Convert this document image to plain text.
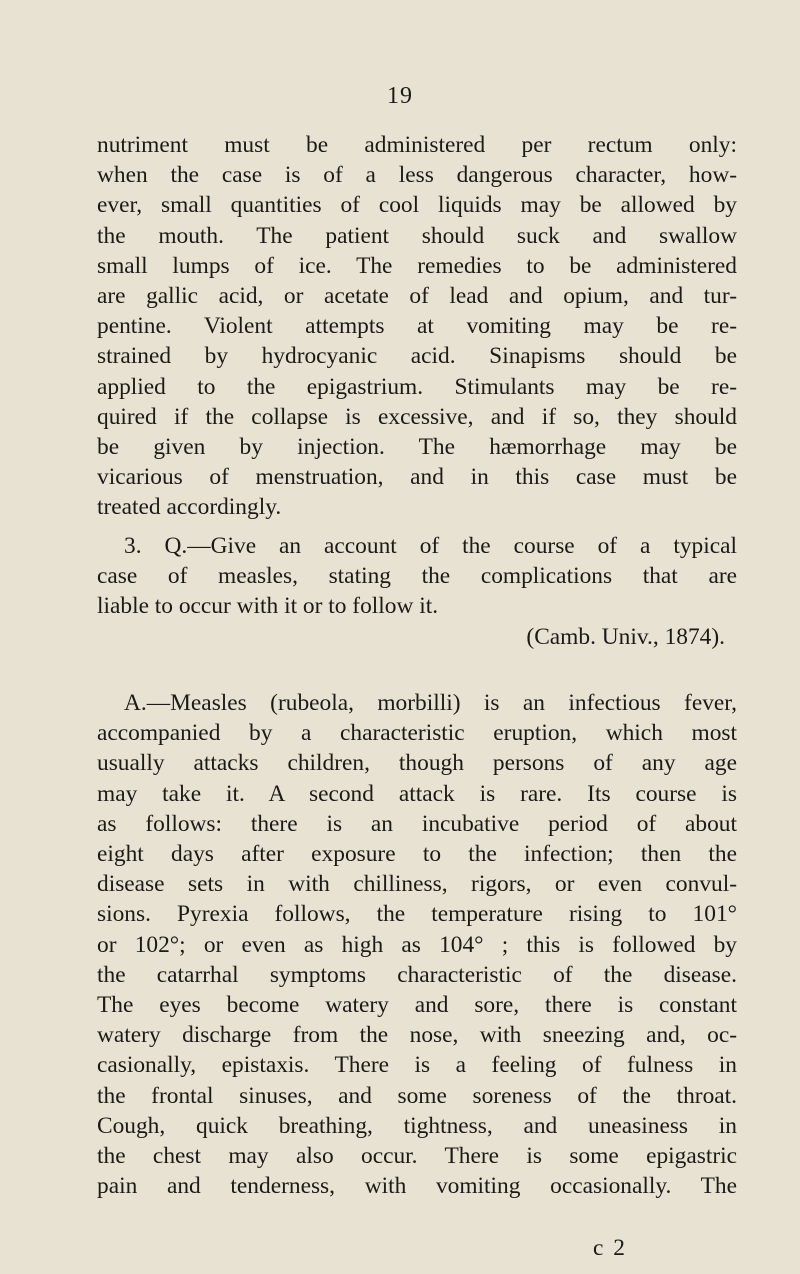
19
nutriment must be administered per rectum only:
when the case is of a less dangerous character, how-
ever, small quantities of cool liquids may be allowed by
the mouth. The patient should suck and swallow
small lumps of ice. The remedies to be administered
are gallic acid, or acetate of lead and opium, and tur-
pentine. Violent attempts at vomiting may be re-
strained by hydrocyanic acid. Sinapisms should be
applied to the epigastrium. Stimulants may be re-
quired if the collapse is excessive, and if so, they should
be given by injection. The hæmorrhage may be
vicarious of menstruation, and in this case must be
treated accordingly.
3. Q.—Give an account of the course of a typical
case of measles, stating the complications that are
liable to occur with it or to follow it.
(Camb. Univ., 1874).
A.—Measles (rubeola, morbilli) is an infectious fever,
accompanied by a characteristic eruption, which most
usually attacks children, though persons of any age
may take it. A second attack is rare. Its course is
as follows: there is an incubative period of about
eight days after exposure to the infection; then the
disease sets in with chilliness, rigors, or even convul-
sions. Pyrexia follows, the temperature rising to 101°
or 102°; or even as high as 104° ; this is followed by
the catarrhal symptoms characteristic of the disease.
The eyes become watery and sore, there is constant
watery discharge from the nose, with sneezing and, oc-
casionally, epistaxis. There is a feeling of fulness in
the frontal sinuses, and some soreness of the throat.
Cough, quick breathing, tightness, and uneasiness in
the chest may also occur. There is some epigastric
pain and tenderness, with vomiting occasionally. The
c 2
